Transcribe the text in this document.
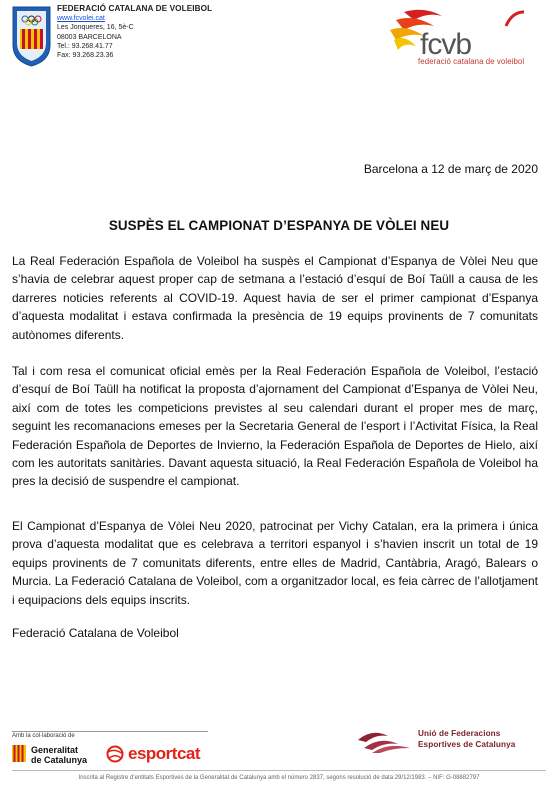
FEDERACIÓ CATALANA DE VOLEIBOL
www.fcvolei.cat
Les Jonqueres, 16, 5è-C
08003 BARCELONA
Tel.: 93.268.41.77
Fax: 93.268.23.36	fcvb
federació catalana de voleibol
Barcelona a 12 de març de 2020
SUSPÈS EL CAMPIONAT D’ESPANYA DE VÒLEI NEU

La Real Federación Española de Voleibol ha suspès el Campionat d’Espanya de Vòlei Neu que s’havia de celebrar aquest proper cap de setmana a l’estació d’esquí de Boí Taüll a causa de les darreres noticies referents al COVID-19. Aquest havia de ser el primer campionat d’Espanya d’aquesta modalitat i estava confirmada la presència de 19 equips provinents de 7 comunitats autònomes diferents.

Tal i com resa el comunicat oficial emès per la Real Federación Española de Voleibol, l’estació d’esquí de Boí Taüll ha notificat la proposta d’ajornament del Campionat d’Espanya de Vòlei Neu, així com de totes les competicions previstes al seu calendari durant el proper mes de març, seguint les recomanacions emeses per la Secretaria General de l’esport i l’Activitat Física, la Real Federación Española de Deportes de Invierno, la Federación Española de Deportes de Hielo, així com les autoritats sanitàries. Davant aquesta situació, la Real Federación Española de Voleibol ha pres la decisió de suspendre el campionat.

El Campionat d’Espanya de Vòlei Neu 2020, patrocinat per Vichy Catalan, era la primera i única prova d’aquesta modalitat que es celebrava a territori espanyol i s’havien inscrit un total de 19 equips provinents de 7 comunitats diferents, entre elles de Madrid, Cantàbria, Aragó, Balears o Murcia. La Federació Catalana de Voleibol, com a organitzador local, es feia càrrec de l’allotjament i equipacions dels equips inscrits.

Federació Catalana de Voleibol
Amb la col·laboració de
Generalitat
de Catalunya esportcat
Unió de Federacions
Esportives de Catalunya
Inscrita al Registre d’entitats Esportives de la Generalitat de Catalunya amb el número 2837, segons resolució de data 29/12/1983. – NIF: G-08882797
